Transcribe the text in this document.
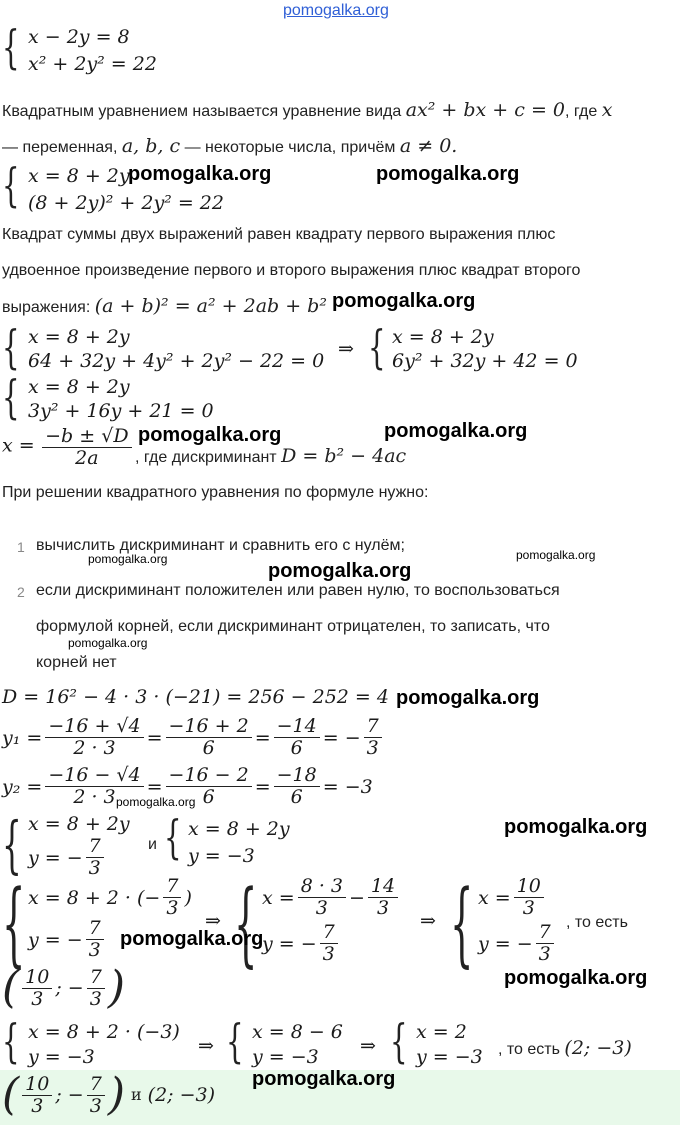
pomogalka.org
{ x − 2y = 8
x² + 2y² = 22
Квадратным уравнением называется уравнение вида ax² + bx + c = 0, где x
— переменная, a, b, c — некоторые числа, причём a ≠ 0.
{ x = 8 + 2y
(8 + 2y)² + 2y² = 22
pomogalka.org	pomogalka.org
Квадрат суммы двух выражений равен квадрату первого выражения плюс
удвоенное произведение первого и второго выражения плюс квадрат второго
выражения: (a + b)² = a² + 2ab + b² pomogalka.org
{ x = 8 + 2y
64 + 32y + 4y² + 2y² − 22 = 0
⇒ { x = 8 + 2y
6y² + 32y + 42 = 0
{ x = 8 + 2y
3y² + 16y + 21 = 0
$x = \frac{-b \pm √D}{2a}$ , где дискриминант D = b² − 4ac
pomogalka.org	pomogalka.org
При решении квадратного уравнения по формуле нужно:
1 вычислить дискриминант и сравнить его с нулём;
pomogalka.org	pomogalka.org
pomogalka.org
2 если дискриминант положителен или равен нулю, то воспользоваться
формулой корней, если дискриминант отрицателен, то записать, что
pomogalka.org
корней нет
D = 16² − 4 · 3 · (−21) = 256 − 252 = 4 pomogalka.org
$y_1 = \frac{-16 + √4}{2 \cdot 3} = \frac{-16 + 2}{6} = \frac{-14}{6}$ = − $\frac{7}{3}$
$y_2 = \frac{-16 - √4}{2 \cdot 3} = \frac{-16 - 2}{6} = \frac{-18}{6} = -3$
pomogalka.org
{ x = 8 + 2y
y = − $\frac{7}{3}$	и { x = 8 + 2y
y = −3
pomogalka.org
{ x = 8 + 2 · (− $\frac{7}{3}$ )
y = − $\frac{7}{3}$	⇒ { $x = \frac{8 \cdot 3}{3} - \frac{14}{3}$
y = − $\frac{7}{3}$
⇒ { $x = \frac{10}{3}$
y = − $\frac{7}{3}$ , то есть
pomogalka.org
( $\frac{10}{3}$ ; − $\frac{7}{3}$ )	pomogalka.org
{ x = 8 + 2 · (−3)
y = −3	⇒ { x = 8 − 6
y = −3 ⇒ { x = 2
y = −3 , то есть (2; −3)
( $\frac{10}{3}$ ; − $\frac{7}{3}$ ) и (2; −3)
pomogalka.org
